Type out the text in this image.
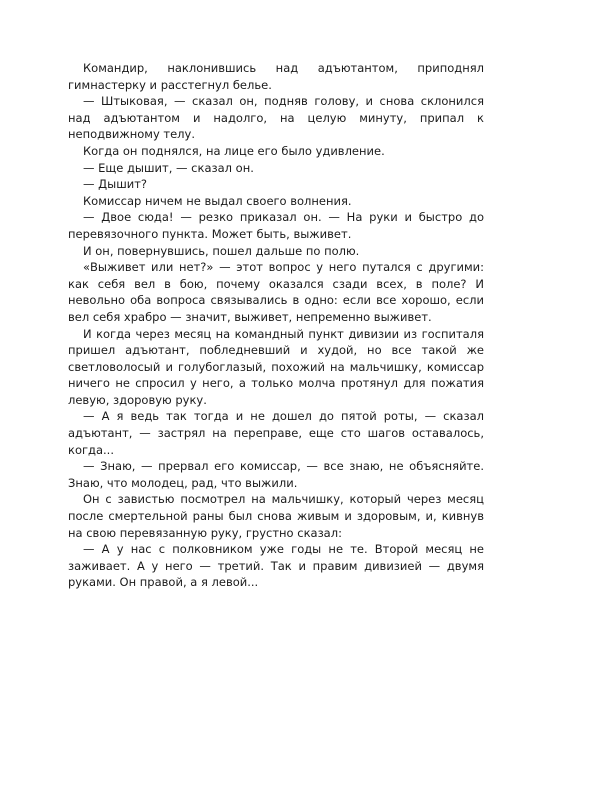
Командир, наклонившись над адъютантом, приподнял гимнастерку и расстегнул белье.

— Штыковая, — сказал он, подняв голову, и снова склонился над адъютантом и надолго, на целую минуту, припал к неподвижному телу.

Когда он поднялся, на лице его было удивление.

— Еще дышит, — сказал он.

— Дышит?

Комиссар ничем не выдал своего волнения.

— Двое сюда! — резко приказал он. — На руки и быстро до перевязочного пункта. Может быть, выживет.

И он, повернувшись, пошел дальше по полю.

«Выживет или нет?» — этот вопрос у него путался с другими: как себя вел в бою, почему оказался сзади всех, в поле? И невольно оба вопроса связывались в одно: если все хорошо, если вел себя храбро — значит, выживет, непременно выживет.

И когда через месяц на командный пункт дивизии из госпиталя пришел адъютант, побледневший и худой, но все такой же светловолосый и голубоглазый, похожий на мальчишку, комиссар ничего не спросил у него, а только молча протянул для пожатия левую, здоровую руку.

— А я ведь так тогда и не дошел до пятой роты, — сказал адъютант, — застрял на переправе, еще сто шагов оставалось, когда...

— Знаю, — прервал его комиссар, — все знаю, не объясняйте. Знаю, что молодец, рад, что выжили.

Он с завистью посмотрел на мальчишку, который через месяц после смертельной раны был снова живым и здоровым, и, кивнув на свою перевязанную руку, грустно сказал:

— А у нас с полковником уже годы не те. Второй месяц не заживает. А у него — третий. Так и правим дивизией — двумя руками. Он правой, а я левой...
